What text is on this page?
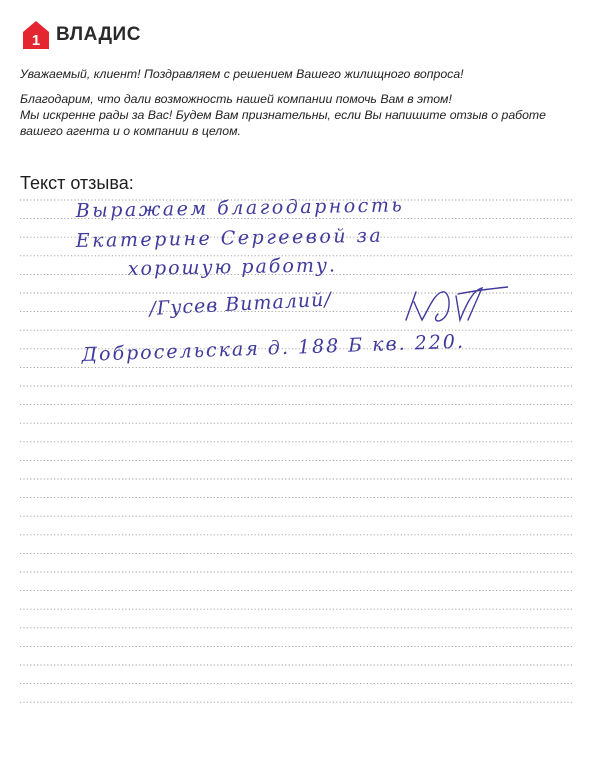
1 ВЛАДИС

Уважаемый, клиент! Поздравляем с решением Вашего жилищного вопроса!

Благодарим, что дали возможность нашей компании помочь Вам в этом!

Мы искренне рады за Вас! Будем Вам признательны, если Вы напишите отзыв о работе

вашего агента и о компании в целом.

Текст отзыва:
Выражаем благодарность
Екатерине Сергеевой за
хорошую работу.
/Гусев Виталий/
Добросельская д. 188 Б кв. 220.
